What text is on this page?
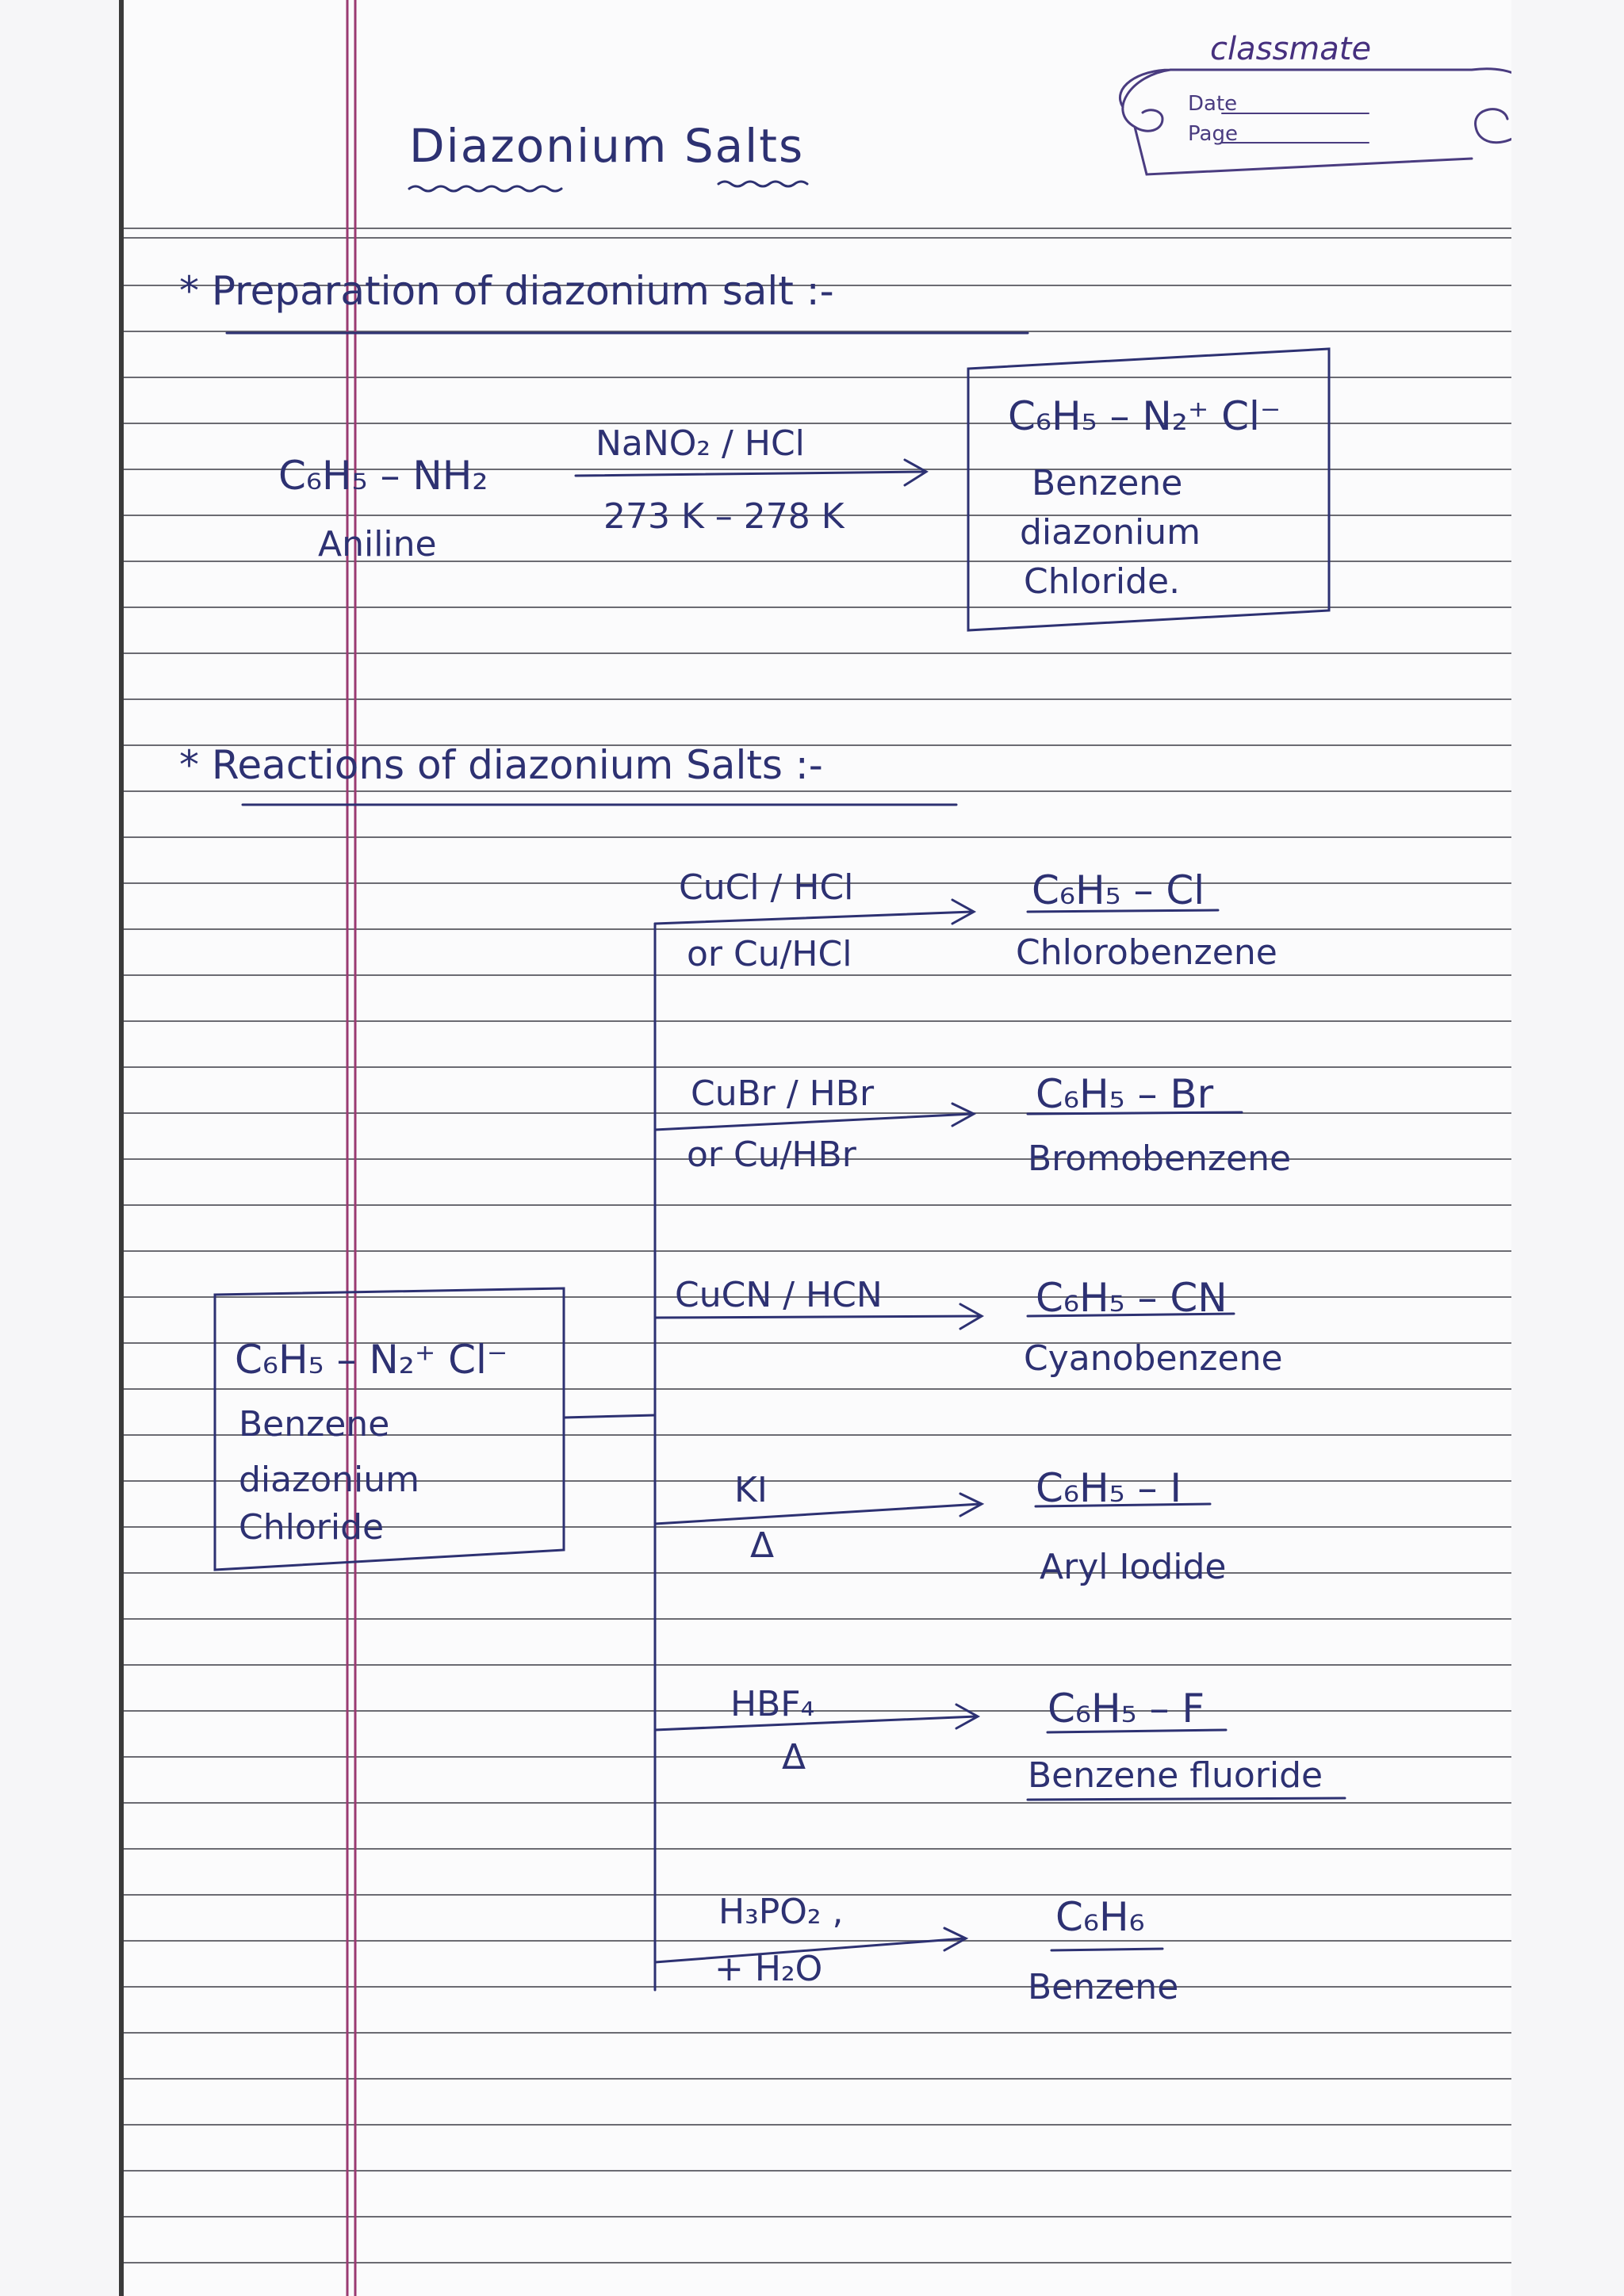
classmate
Date
Page
Diazonium Salts
* Preparation of diazonium salt :-
C₆H₅ – NH₂
Aniline
NaNO₂ / HCl
273 K – 278 K
C₆H₅ – N₂⁺ Cl⁻
Benzene
diazonium
Chloride.
* Reactions of diazonium Salts :-
C₆H₅ – N₂⁺ Cl⁻
Benzene
diazonium
Chloride
CuCl / HCl
or Cu/HCl
C₆H₅ – Cl
Chlorobenzene
CuBr / HBr
or Cu/HBr
C₆H₅ – Br
Bromobenzene
CuCN / HCN	C₆H₅ – CN
Cyanobenzene
KI
Δ
C₆H₅ – I
Aryl Iodide
HBF₄
Δ
C₆H₅ – F
Benzene fluoride
H₃PO₂ ,
+ H₂O
C₆H₆
Benzene
